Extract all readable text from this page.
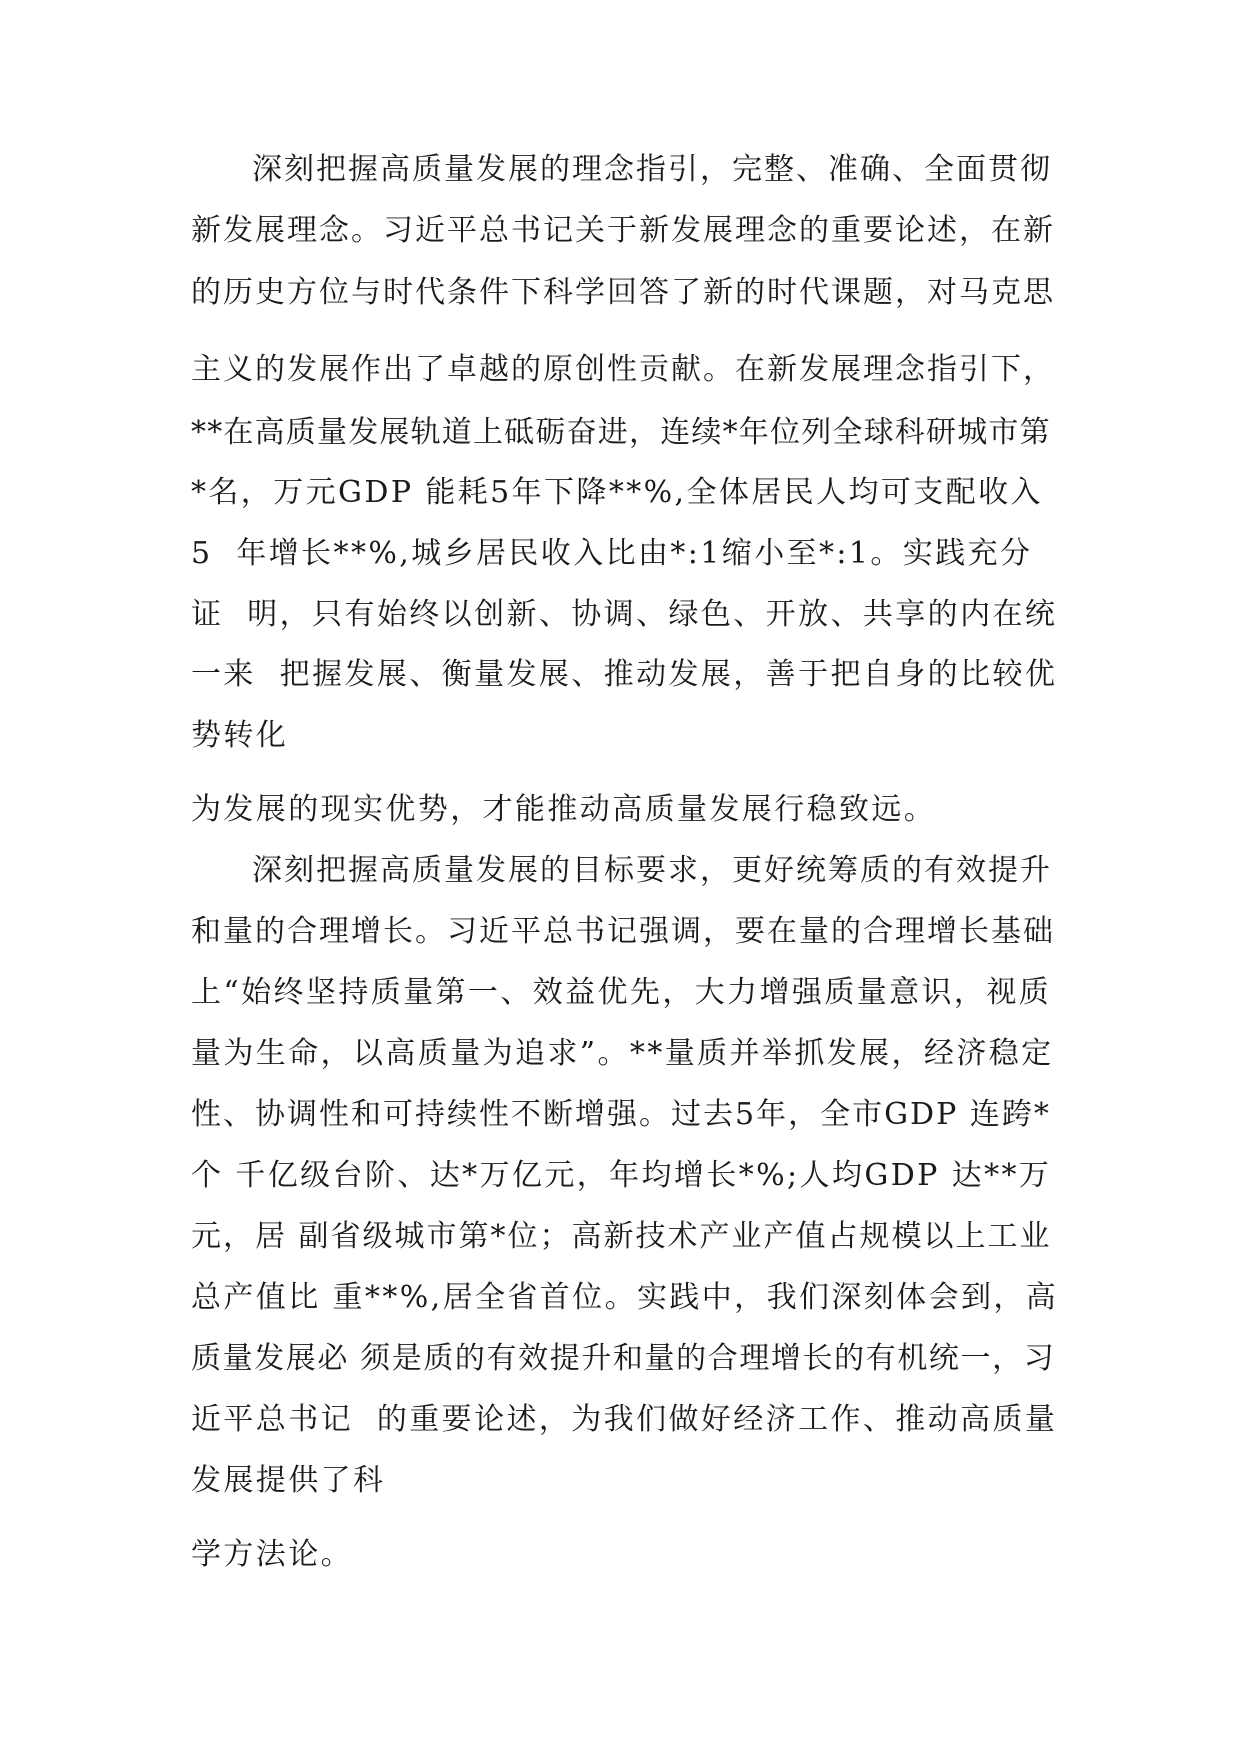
深刻把握高质量发展的理念指引，完整、准确、全面贯彻

新发展理念。习近平总书记关于新发展理念的重要论述，在新

的历史方位与时代条件下科学回答了新的时代课题，对马克思

主义的发展作出了卓越的原创性贡献。在新发展理念指引下，

**在高质量发展轨道上砥砺奋进，连续*年位列全球科研城市第

*名，万元GDP 能耗5年下降**%,全体居民人均可支配收入

5  年增长**%,城乡居民收入比由*:1缩小至*:1。实践充分

证  明，只有始终以创新、协调、绿色、开放、共享的内在统

一来  把握发展、衡量发展、推动发展，善于把自身的比较优

势转化

为发展的现实优势，才能推动高质量发展行稳致远。

深刻把握高质量发展的目标要求，更好统筹质的有效提升

和量的合理增长。习近平总书记强调，要在量的合理增长基础

上“始终坚持质量第一、效益优先，大力增强质量意识，视质

量为生命，以高质量为追求”。**量质并举抓发展，经济稳定

性、协调性和可持续性不断增强。过去5年，全市GDP 连跨*

个 千亿级台阶、达*万亿元，年均增长*%;人均GDP 达**万

元，居 副省级城市第*位；高新技术产业产值占规模以上工业

总产值比 重**%,居全省首位。实践中，我们深刻体会到，高

质量发展必 须是质的有效提升和量的合理增长的有机统一，习

近平总书记  的重要论述，为我们做好经济工作、推动高质量

发展提供了科

学方法论。
